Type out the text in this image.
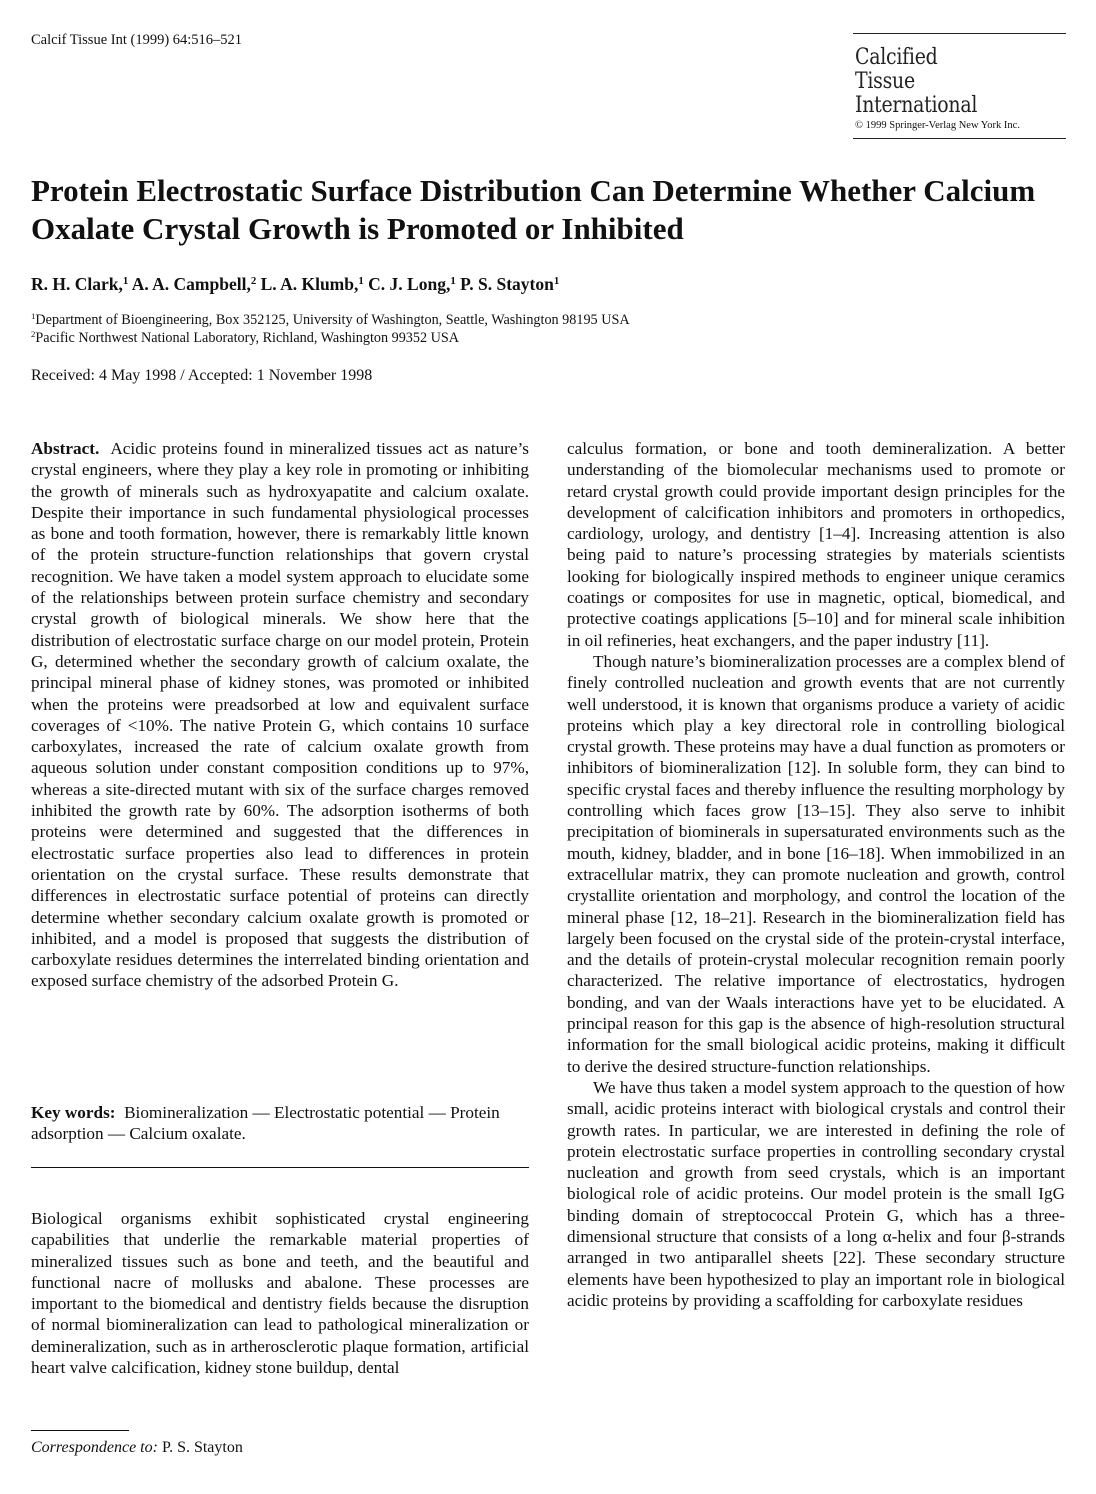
Calcif Tissue Int (1999) 64:516–521
Calcified
Tissue
International
© 1999 Springer-Verlag New York Inc.
Protein Electrostatic Surface Distribution Can Determine Whether Calcium Oxalate Crystal Growth is Promoted or Inhibited
R. H. Clark,$^1$ A. A. Campbell,$^2$ L. A. Klumb,$^1$ C. J. Long,$^1$ P. S. Stayton$^1$
$^1$Department of Bioengineering, Box 352125, University of Washington, Seattle, Washington 98195 USA
$^2$Pacific Northwest National Laboratory, Richland, Washington 99352 USA
Received: 4 May 1998 / Accepted: 1 November 1998

Abstract. Acidic proteins found in mineralized tissues act as nature’s crystal engineers, where they play a key role in promoting or inhibiting the growth of minerals such as hydroxyapatite and calcium oxalate. Despite their importance in such fundamental physiological processes as bone and tooth formation, however, there is remarkably little known of the protein structure-function relationships that govern crystal recognition. We have taken a model system approach to elucidate some of the relationships between protein surface chemistry and secondary crystal growth of biological minerals. We show here that the distribution of electrostatic surface charge on our model protein, Protein G, determined whether the secondary growth of calcium oxalate, the principal mineral phase of kidney stones, was promoted or inhibited when the proteins were preadsorbed at low and equivalent surface coverages of <10%. The native Protein G, which contains 10 surface carboxylates, increased the rate of calcium oxalate growth from aqueous solution under constant composition conditions up to 97%, whereas a site-directed mutant with six of the surface charges removed inhibited the growth rate by 60%. The adsorption isotherms of both proteins were determined and suggested that the differences in electrostatic surface properties also lead to differences in protein orientation on the crystal surface. These results demonstrate that differences in electrostatic surface potential of proteins can directly determine whether secondary calcium oxalate growth is promoted or inhibited, and a model is proposed that suggests the distribution of carboxylate residues determines the interrelated binding orientation and exposed surface chemistry of the adsorbed Protein G.

Key words: Biomineralization — Electrostatic potential — Protein adsorption — Calcium oxalate.

Biological organisms exhibit sophisticated crystal engineering capabilities that underlie the remarkable material properties of mineralized tissues such as bone and teeth, and the beautiful and functional nacre of mollusks and abalone. These processes are important to the biomedical and dentistry fields because the disruption of normal biomineralization can lead to pathological mineralization or demineralization, such as in artherosclerotic plaque formation, artificial heart valve calcification, kidney stone buildup, dental

Correspondence to: P. S. Stayton

calculus formation, or bone and tooth demineralization. A better understanding of the biomolecular mechanisms used to promote or retard crystal growth could provide important design principles for the development of calcification inhibitors and promoters in orthopedics, cardiology, urology, and dentistry [1–4]. Increasing attention is also being paid to nature’s processing strategies by materials scientists looking for biologically inspired methods to engineer unique ceramics coatings or composites for use in magnetic, optical, biomedical, and protective coatings applications [5–10] and for mineral scale inhibition in oil refineries, heat exchangers, and the paper industry [11].

Though nature’s biomineralization processes are a complex blend of finely controlled nucleation and growth events that are not currently well understood, it is known that organisms produce a variety of acidic proteins which play a key directoral role in controlling biological crystal growth. These proteins may have a dual function as promoters or inhibitors of biomineralization [12]. In soluble form, they can bind to specific crystal faces and thereby influence the resulting morphology by controlling which faces grow [13–15]. They also serve to inhibit precipitation of biominerals in supersaturated environments such as the mouth, kidney, bladder, and in bone [16–18]. When immobilized in an extracellular matrix, they can promote nucleation and growth, control crystallite orientation and morphology, and control the location of the mineral phase [12, 18–21]. Research in the biomineralization field has largely been focused on the crystal side of the protein-crystal interface, and the details of protein-crystal molecular recognition remain poorly characterized. The relative importance of electrostatics, hydrogen bonding, and van der Waals interactions have yet to be elucidated. A principal reason for this gap is the absence of high-resolution structural information for the small biological acidic proteins, making it difficult to derive the desired structure-function relationships.

We have thus taken a model system approach to the question of how small, acidic proteins interact with biological crystals and control their growth rates. In particular, we are interested in defining the role of protein electrostatic surface properties in controlling secondary crystal nucleation and growth from seed crystals, which is an important biological role of acidic proteins. Our model protein is the small IgG binding domain of streptococcal Protein G, which has a three-dimensional structure that consists of a long α-helix and four β-strands arranged in two antiparallel sheets [22]. These secondary structure elements have been hypothesized to play an important role in biological acidic proteins by providing a scaffolding for carboxylate residues
